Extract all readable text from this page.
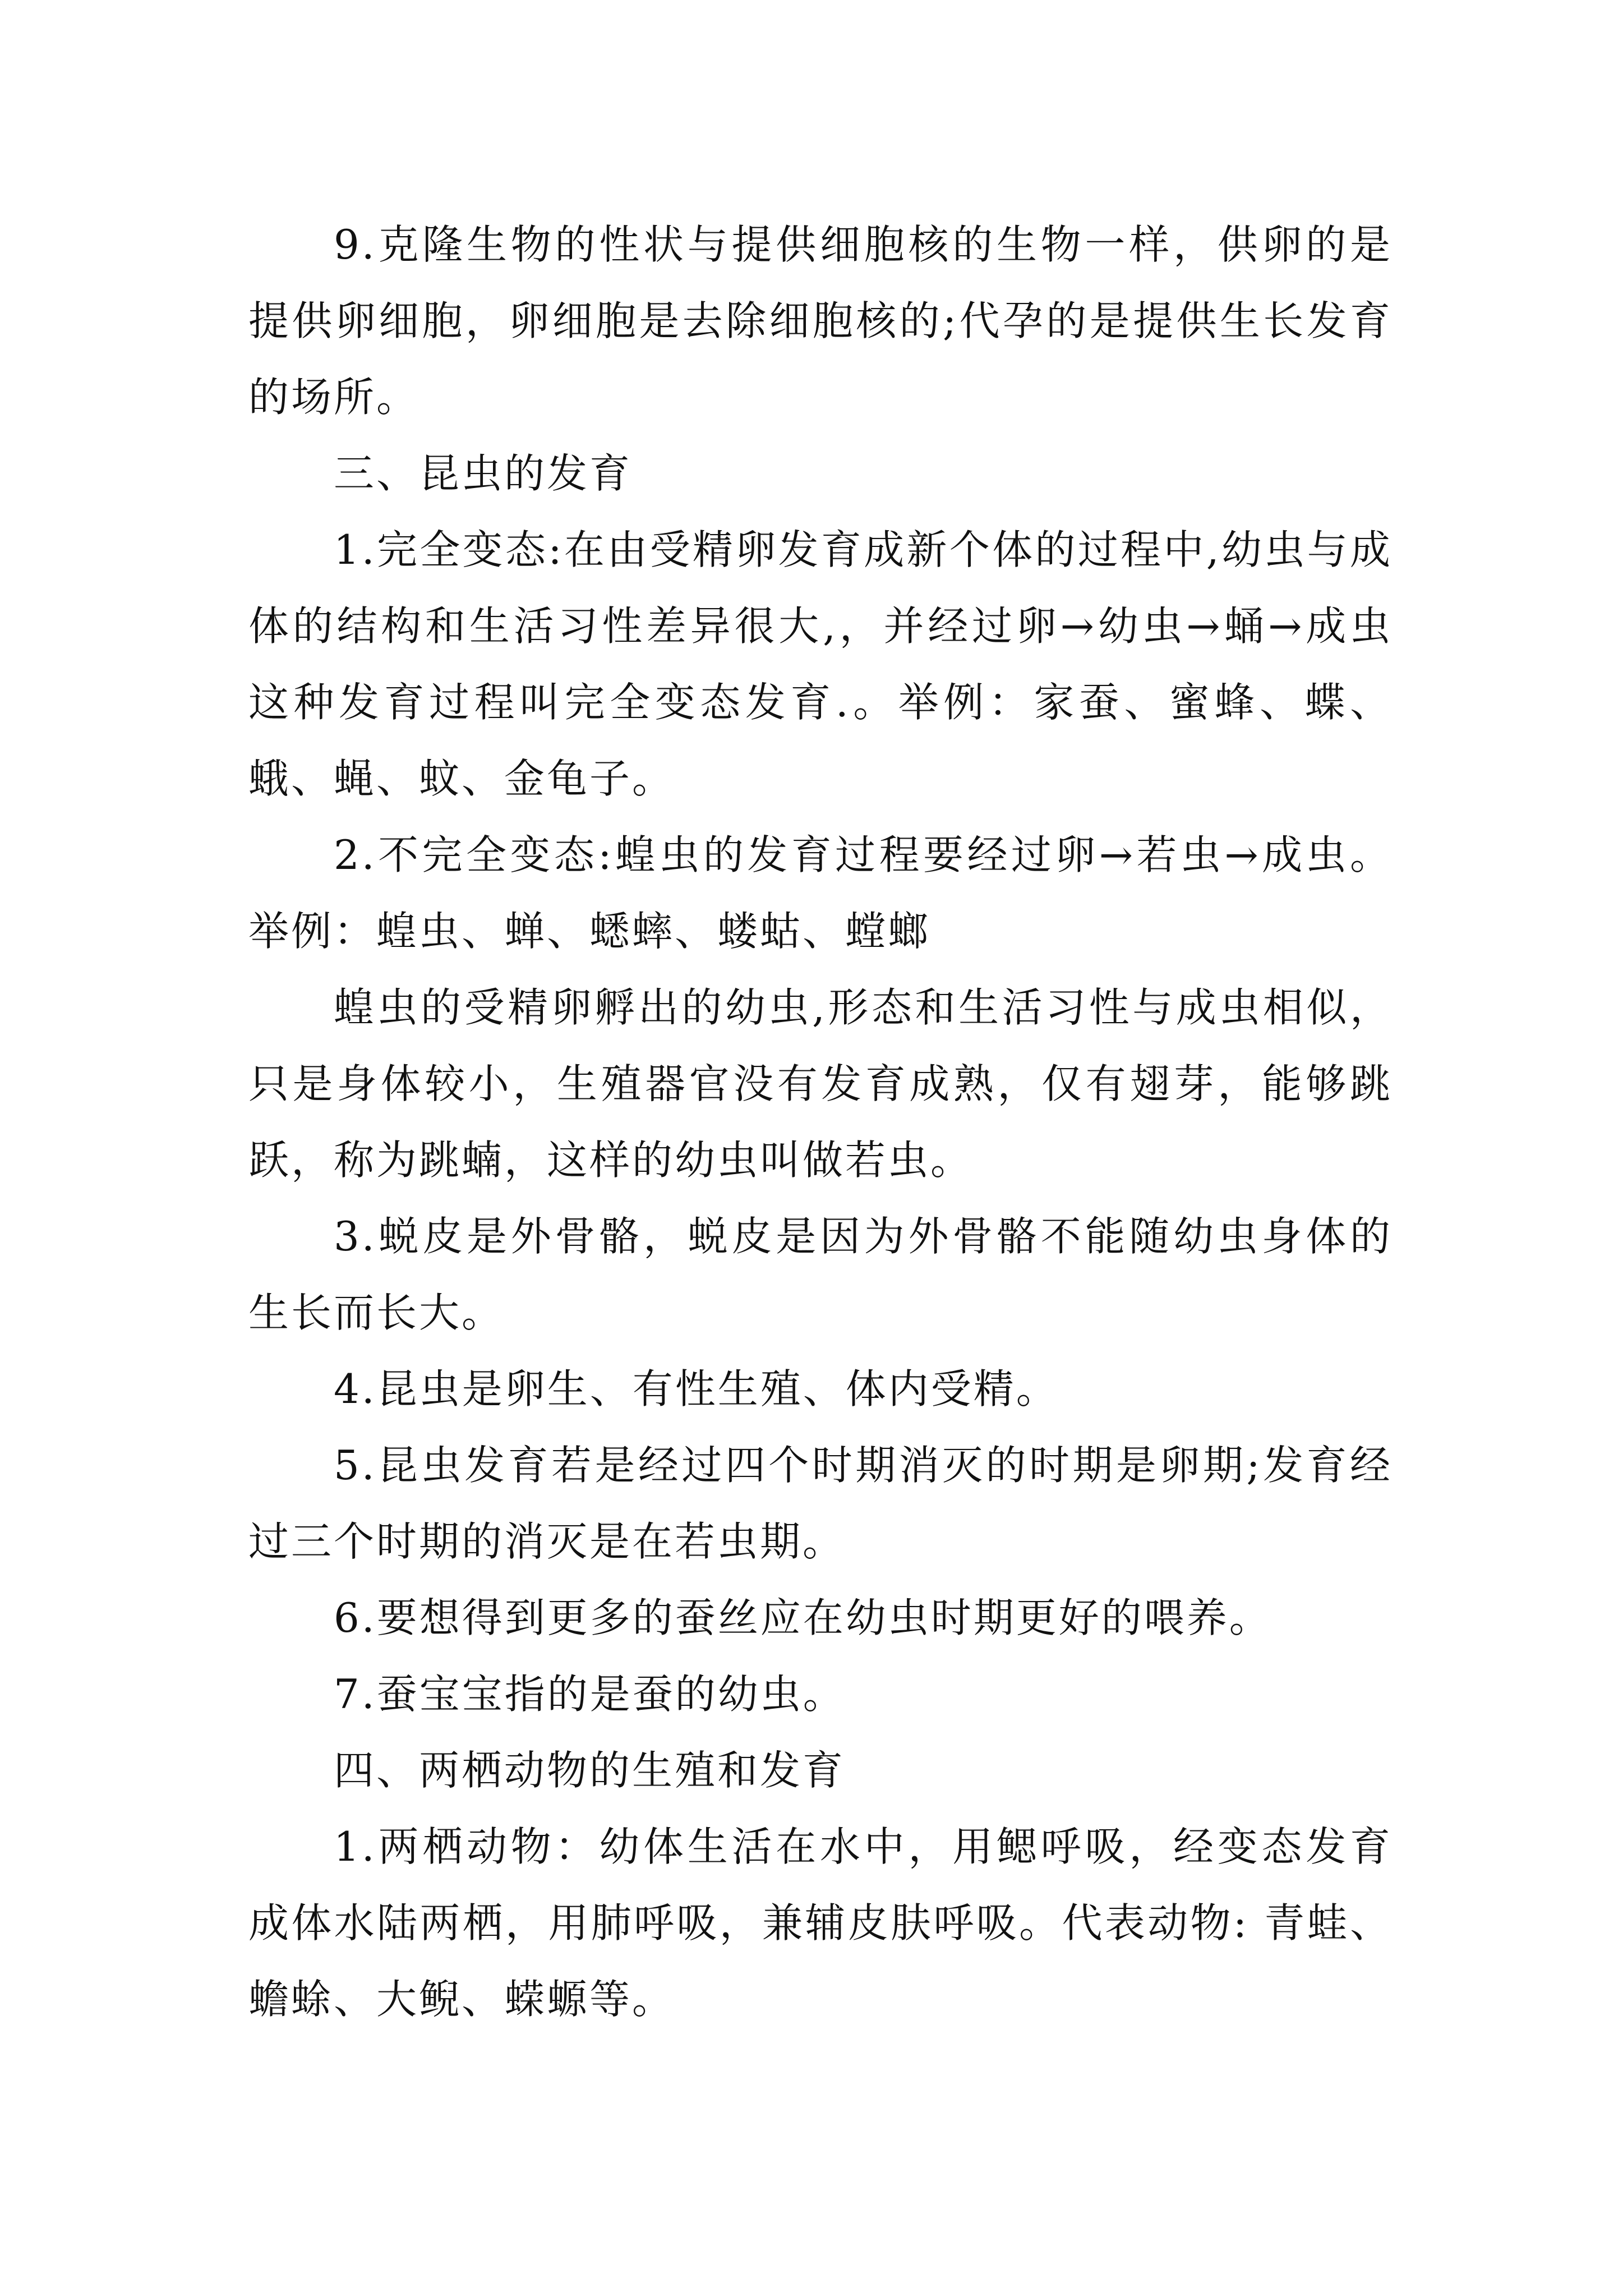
9.克隆生物的性状与提供细胞核的生物一样，供卵的是提供卵细胞，卵细胞是去除细胞核的;代孕的是提供生长发育的场所。

三、昆虫的发育

1.完全变态:在由受精卵发育成新个体的过程中,幼虫与成体的结构和生活习性差异很大,，并经过卵→幼虫→蛹→成虫这种发育过程叫完全变态发育.。举例：家蚕、蜜蜂、蝶、蛾、蝇、蚊、金龟子。

2.不完全变态:蝗虫的发育过程要经过卵→若虫→成虫。举例：蝗虫、蝉、蟋蟀、蝼蛄、螳螂

蝗虫的受精卵孵出的幼虫,形态和生活习性与成虫相似，只是身体较小，生殖器官没有发育成熟，仅有翅芽，能够跳跃，称为跳蝻，这样的幼虫叫做若虫。

3.蜕皮是外骨骼，蜕皮是因为外骨骼不能随幼虫身体的生长而长大。

4.昆虫是卵生、有性生殖、体内受精。

5.昆虫发育若是经过四个时期消灭的时期是卵期;发育经过三个时期的消灭是在若虫期。

6.要想得到更多的蚕丝应在幼虫时期更好的喂养。

7.蚕宝宝指的是蚕的幼虫。

四、两栖动物的生殖和发育

1.两栖动物：幼体生活在水中，用鳃呼吸，经变态发育成体水陆两栖，用肺呼吸，兼辅皮肤呼吸。代表动物: 青蛙、蟾蜍、大鲵、蝾螈等。
